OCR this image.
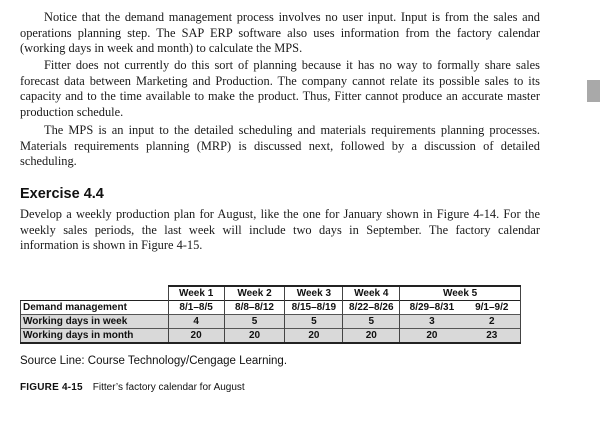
Notice that the demand management process involves no user input. Input is from the sales and operations planning step. The SAP ERP software also uses information from the factory calendar (working days in week and month) to calculate the MPS.

Fitter does not currently do this sort of planning because it has no way to formally share sales forecast data between Marketing and Production. The company cannot relate its possible sales to its capacity and to the time available to make the product. Thus, Fitter cannot produce an accurate master production schedule.

The MPS is an input to the detailed scheduling and materials requirements planning processes. Materials requirements planning (MRP) is discussed next, followed by a discussion of detailed scheduling.

Exercise 4.4

Develop a weekly production plan for August, like the one for January shown in Figure 4-14. For the weekly sales periods, the last week will include two days in September. The factory calendar information is shown in Figure 4-15.

	Week 1	Week 2	Week 3	Week 4	Week 5	
Demand management	8/1–8/5	8/8–8/12	8/15–8/19	8/22–8/26	8/29–8/31	9/1–9/2
Working days in week	4	5	5	5	3	2
Working days in month	20	20	20	20	20	23

Source Line: Course Technology/Cengage Learning.

FIGURE 4-15 Fitter’s factory calendar for August
